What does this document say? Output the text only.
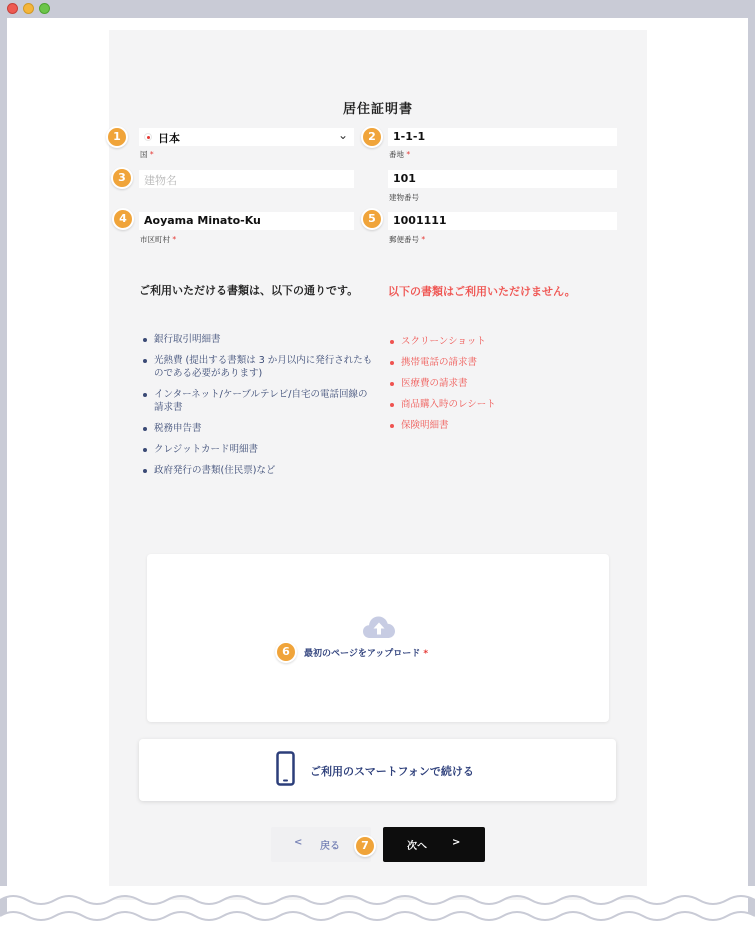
居住証明書
1	日本	⌄
国 *
2	1-1-1
番地 *
3	建物名	101
建物番号
4	Aoyama Minato-Ku
市区町村 *
5	1001111
郵便番号 *
ご利用いただける書類は、以下の通りです。
銀行取引明細書
光熱費 (提出する書類は 3 か月以内に発行されたものである必要があります)
インターネット/ケーブルテレビ/自宅の電話回線の請求書
税務申告書
クレジットカード明細書
政府発行の書類(住民票)など
以下の書類はご利用いただけません。
スクリーンショット
携帯電話の請求書
医療費の請求書
商品購入時のレシート
保険明細書
6	最初のページをアップロード *
ご利用のスマートフォンで続ける
< 戻る	7	次へ	>
